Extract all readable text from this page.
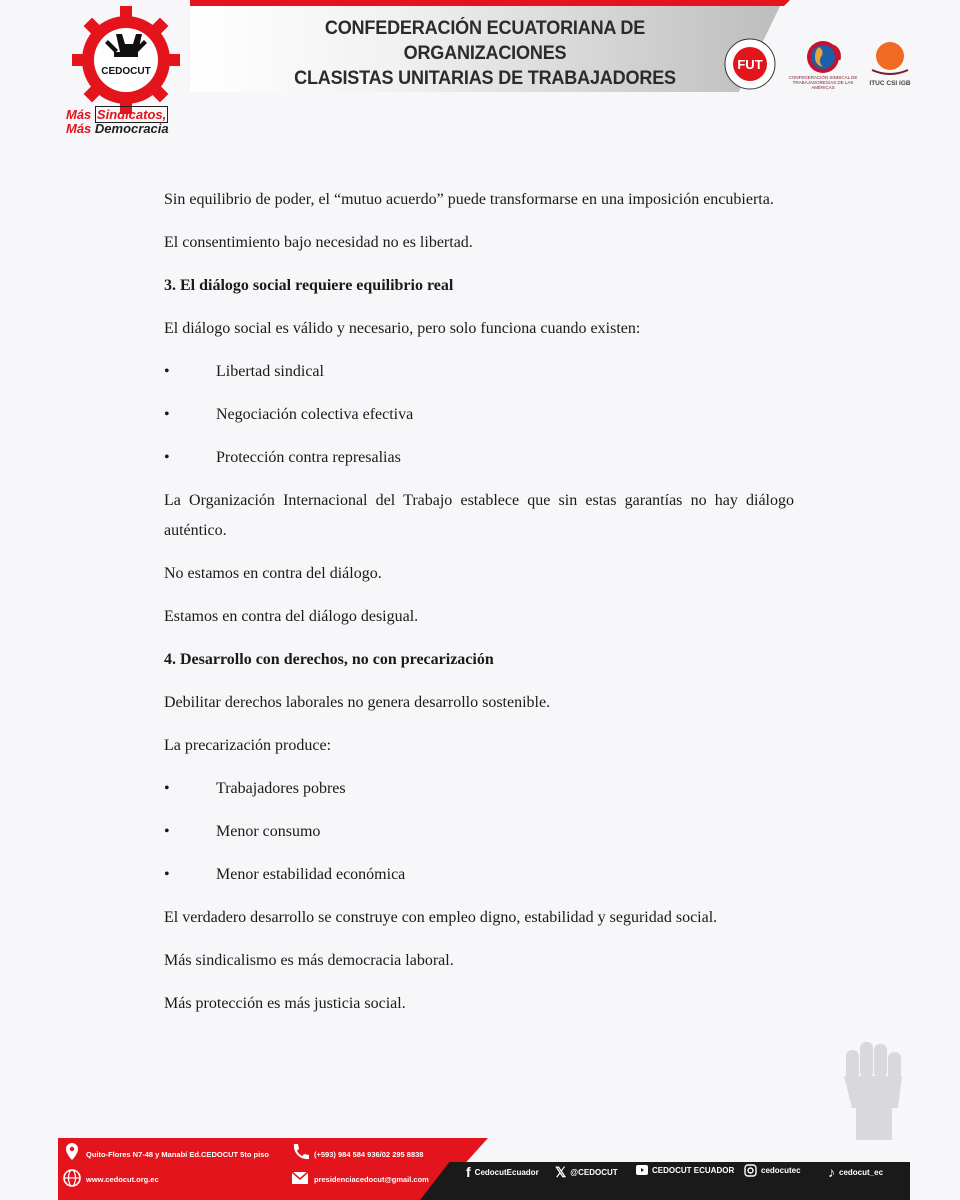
CONFEDERACIÓN ECUATORIANA DE ORGANIZACIONES
CLASISTAS UNITARIAS DE TRABAJADORES
CEDOCUT
Más Sindicatos,
Más Democracia
FUT
CONFEDERACIÓN SINDICAL DE TRABAJADORES/AS DE LAS AMÉRICAS
ITUC CSI IGB

Sin equilibrio de poder, el “mutuo acuerdo” puede transformarse en una imposición encubierta.

El consentimiento bajo necesidad no es libertad.

3. El diálogo social requiere equilibrio real

El diálogo social es válido y necesario, pero solo funciona cuando existen:

•	Libertad sindical
•	Negociación colectiva efectiva
•	Protección contra represalias

La Organización Internacional del Trabajo establece que sin estas garantías no hay diálogo auténtico.

No estamos en contra del diálogo.

Estamos en contra del diálogo desigual.

4. Desarrollo con derechos, no con precarización

Debilitar derechos laborales no genera desarrollo sostenible.

La precarización produce:

•	Trabajadores pobres
•	Menor consumo
•	Menor estabilidad económica

El verdadero desarrollo se construye con empleo digno, estabilidad y seguridad social.

Más sindicalismo es más democracia laboral.

Más protección es más justicia social.

Quito-Flores N7-48 y Manabí Ed.CEDOCUT 5to piso
www.cedocut.org.ec
(+593) 984 584 936/02 295 8838
presidenciacedocut@gmail.com	f CedocutEcuador 𝕏 @CEDOCUT	CEDOCUT ECUADOR	cedocutec ♪ cedocut_ec
